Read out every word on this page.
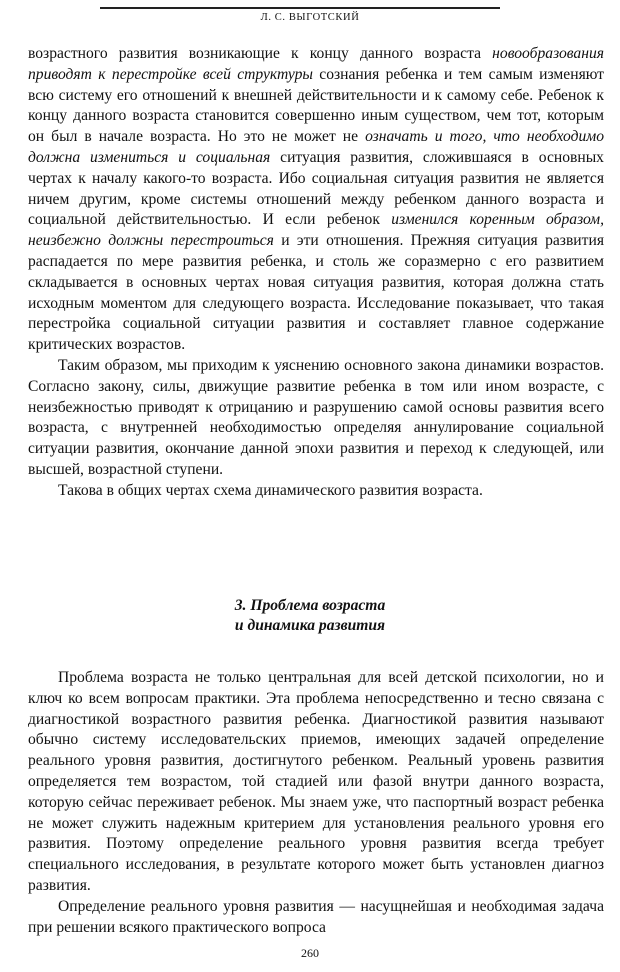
Л. С. ВЫГОТСКИЙ

возрастного развития возникающие к концу данного возраста новообразования приводят к перестройке всей структуры сознания ребенка и тем самым изменяют всю систему его отношений к внешней действительности и к самому себе. Ребенок к концу данного возраста становится совершенно иным существом, чем тот, которым он был в начале возраста. Но это не может не означать и того, что необходимо должна измениться и социальная ситуация развития, сложившаяся в основных чертах к началу какого-то возраста. Ибо социальная ситуация развития не является ничем другим, кроме системы отношений между ребенком данного возраста и социальной действительностью. И если ребенок изменился коренным образом, неизбежно должны перестроиться и эти отношения. Прежняя ситуация развития распадается по мере развития ребенка, и столь же соразмерно с его развитием складывается в основных чертах новая ситуация развития, которая должна стать исходным моментом для следующего возраста. Исследование показывает, что такая перестройка социальной ситуации развития и составляет главное содержание критических возрастов.

Таким образом, мы приходим к уяснению основного закона динамики возрастов. Согласно закону, силы, движущие развитие ребенка в том или ином возрасте, с неизбежностью приводят к отрицанию и разрушению самой основы развития всего возраста, с внутренней необходимостью определяя аннулирование социальной ситуации развития, окончание данной эпохи развития и переход к следующей, или высшей, возрастной ступени.

Такова в общих чертах схема динамического развития возраста.

3. Проблема возраста
и динамика развития

Проблема возраста не только центральная для всей детской психологии, но и ключ ко всем вопросам практики. Эта проблема непосредственно и тесно связана с диагностикой возрастного развития ребенка. Диагностикой развития называют обычно систему исследовательских приемов, имеющих задачей определение реального уровня развития, достигнутого ребенком. Реальный уровень развития определяется тем возрастом, той стадией или фазой внутри данного возраста, которую сейчас переживает ребенок. Мы знаем уже, что паспортный возраст ребенка не может служить надежным критерием для установления реального уровня его развития. Поэтому определение реального уровня развития всегда требует специального исследования, в результате которого может быть установлен диагноз развития.

Определение реального уровня развития — насущнейшая и необходимая задача при решении всякого практического вопроса

260
